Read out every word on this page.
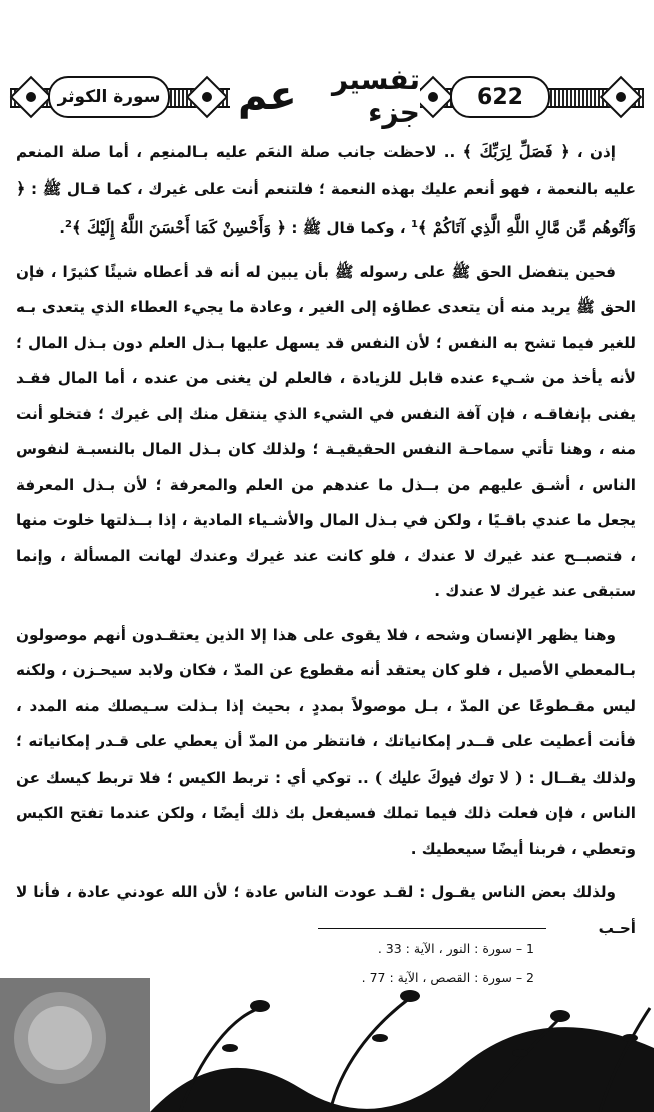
622
تفسير جزء
عم
سورة الكوثر

إذن ، ﴿ فَصَلِّ لِرَبِّكَ ﴾ .. لاحظت جانب صلة النعَم عليه بـالمنعِم ، أما صلة المنعم عليه بالنعمة ، فهو أنعم عليك بهذه النعمة ؛ فلتنعم أنت على غيرك ، كما قـال ﷺ : ﴿ وَآتُوهُم مِّن مَّالِ اللَّهِ الَّذِي آتَاكُمْ ﴾$^1$ ، وكما قال ﷺ : ﴿ وَأَحْسِنْ كَمَا أَحْسَنَ اللَّهُ إِلَيْكَ ﴾$^2$.

فحين يتفضل الحق ﷺ على رسوله ﷺ بأن يبين له أنه قد أعطاه شيئًا كثيرًا ، فإن الحق ﷺ يريد منه أن يتعدى عطاؤه إلى الغير ، وعادة ما يجيء العطاء الذي يتعدى بـه للغير فيما تشح به النفس ؛ لأن النفس قد يسهل عليها بـذل العلم دون بـذل المال ؛ لأنه يأخذ من شـيء عنده قابل للزيادة ، فالعلم لن يغنى من عنده ، أما المال فقـد يفنى بإنفاقـه ، فإن آفة النفس في الشيء الذي ينتقل منك إلى غيرك ؛ فتخلو أنت منه ، وهنا تأتي سماحـة النفس الحقيقيـة ؛ ولذلك كان بـذل المال بالنسبـة لنفوس الناس ، أشـق عليهم من بــذل ما عندهم من العلم والمعرفة ؛ لأن بـذل المعرفة يجعل ما عندي باقـيًا ، ولكن في بـذل المال والأشـياء المادية ، إذا بــذلتها خلوت منها ، فتصبــح عند غيرك لا عندك ، فلو كانت عند غيرك وعندك لهانت المسألة ، وإنما ستبقى عند غيرك لا عندك .

وهنا يظهر الإنسان وشحه ، فلا يقوى على هذا إلا الذين يعتقـدون أنهم موصولون بـالمعطي الأصيل ، فلو كان يعتقد أنه مقطوع عن المدّ ، فكان ولابد سيحـزن ، ولكنه ليس مقـطوعًا عن المدّ ، بـل موصولاً بمددٍ ، بحيث إذا بـذلت سـيصلك منه المدد ، فأنت أعطيت على قــدر إمكانياتك ، فانتظر من المدّ أن يعطي على قـدر إمكانياته ؛ ولذلك يقــال : ( لا توك فيوكَ عليك ) .. توكي أي : تربط الكيس ؛ فلا تربط كيسك عن الناس ، فإن فعلت ذلك فيما تملك فسيفعل بك ذلك أيضًا ، ولكن عندما تفتح الكيس وتعطي ، فربنا أيضًا سيعطيك .

ولذلك بعض الناس يقـول : لقـد عودت الناس عادة ؛ لأن الله عودني عادة ، فأنا لا أحـب

1 – سورة : النور ، الآية : 33 .
2 – سورة : القصص ، الآية : 77 .
